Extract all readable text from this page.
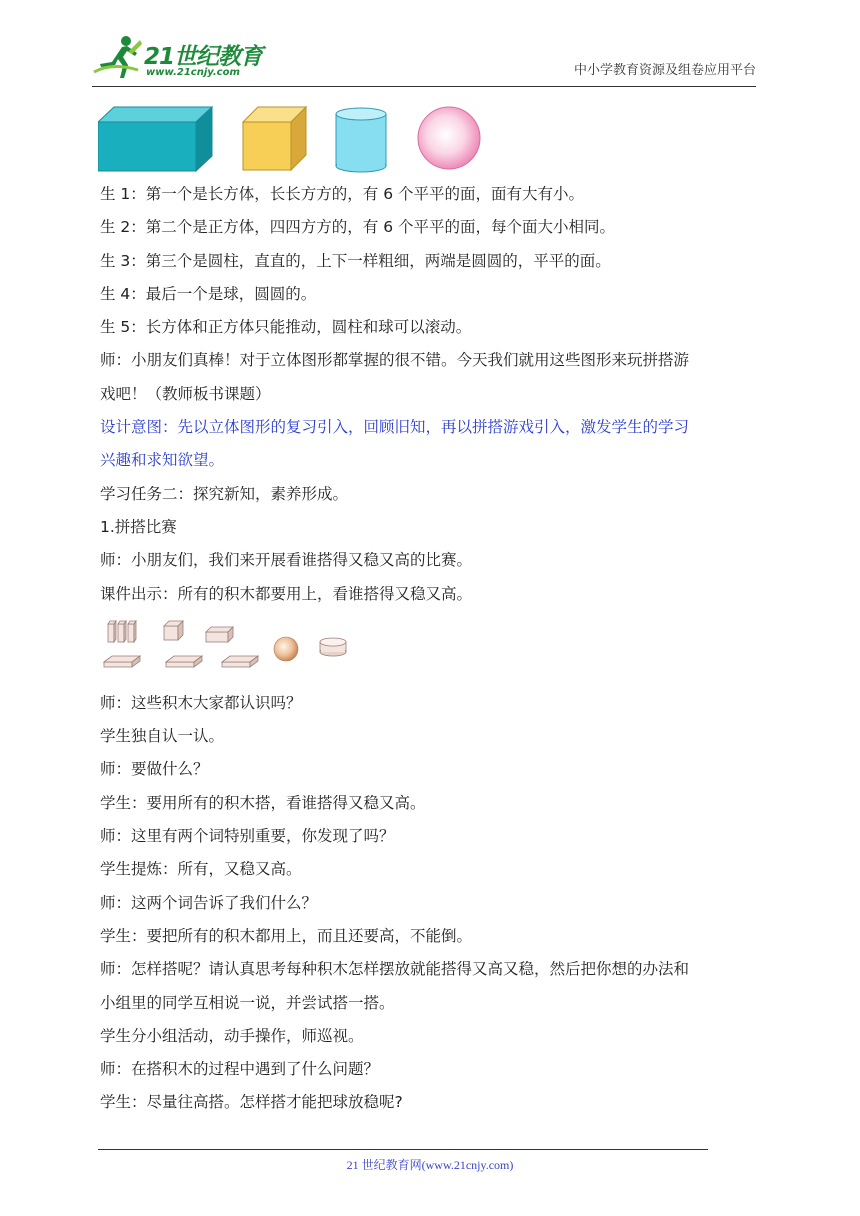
21世纪教育
www.21cnjy.com	中小学教育资源及组卷应用平台
生 1：第一个是长方体，长长方方的，有 6 个平平的面，面有大有小。
生 2：第二个是正方体，四四方方的，有 6 个平平的面，每个面大小相同。
生 3：第三个是圆柱，直直的，上下一样粗细，两端是圆圆的，平平的面。
生 4：最后一个是球，圆圆的。
生 5：长方体和正方体只能推动，圆柱和球可以滚动。
师：小朋友们真棒！对于立体图形都掌握的很不错。今天我们就用这些图形来玩拼搭游
戏吧！（教师板书课题）
设计意图：先以立体图形的复习引入，回顾旧知，再以拼搭游戏引入，激发学生的学习
兴趣和求知欲望。
学习任务二：探究新知，素养形成。
1.拼搭比赛
师：小朋友们，我们来开展看谁搭得又稳又高的比赛。
课件出示：所有的积木都要用上，看谁搭得又稳又高。
师：这些积木大家都认识吗？
学生独自认一认。
师：要做什么？
学生：要用所有的积木搭，看谁搭得又稳又高。
师：这里有两个词特别重要，你发现了吗？
学生提炼：所有，又稳又高。
师：这两个词告诉了我们什么？
学生：要把所有的积木都用上，而且还要高，不能倒。
师：怎样搭呢？请认真思考每种积木怎样摆放就能搭得又高又稳，然后把你想的办法和
小组里的同学互相说一说，并尝试搭一搭。
学生分小组活动，动手操作，师巡视。
师：在搭积木的过程中遇到了什么问题？
学生：尽量往高搭。怎样搭才能把球放稳呢?
21 世纪教育网(www.21cnjy.com)
